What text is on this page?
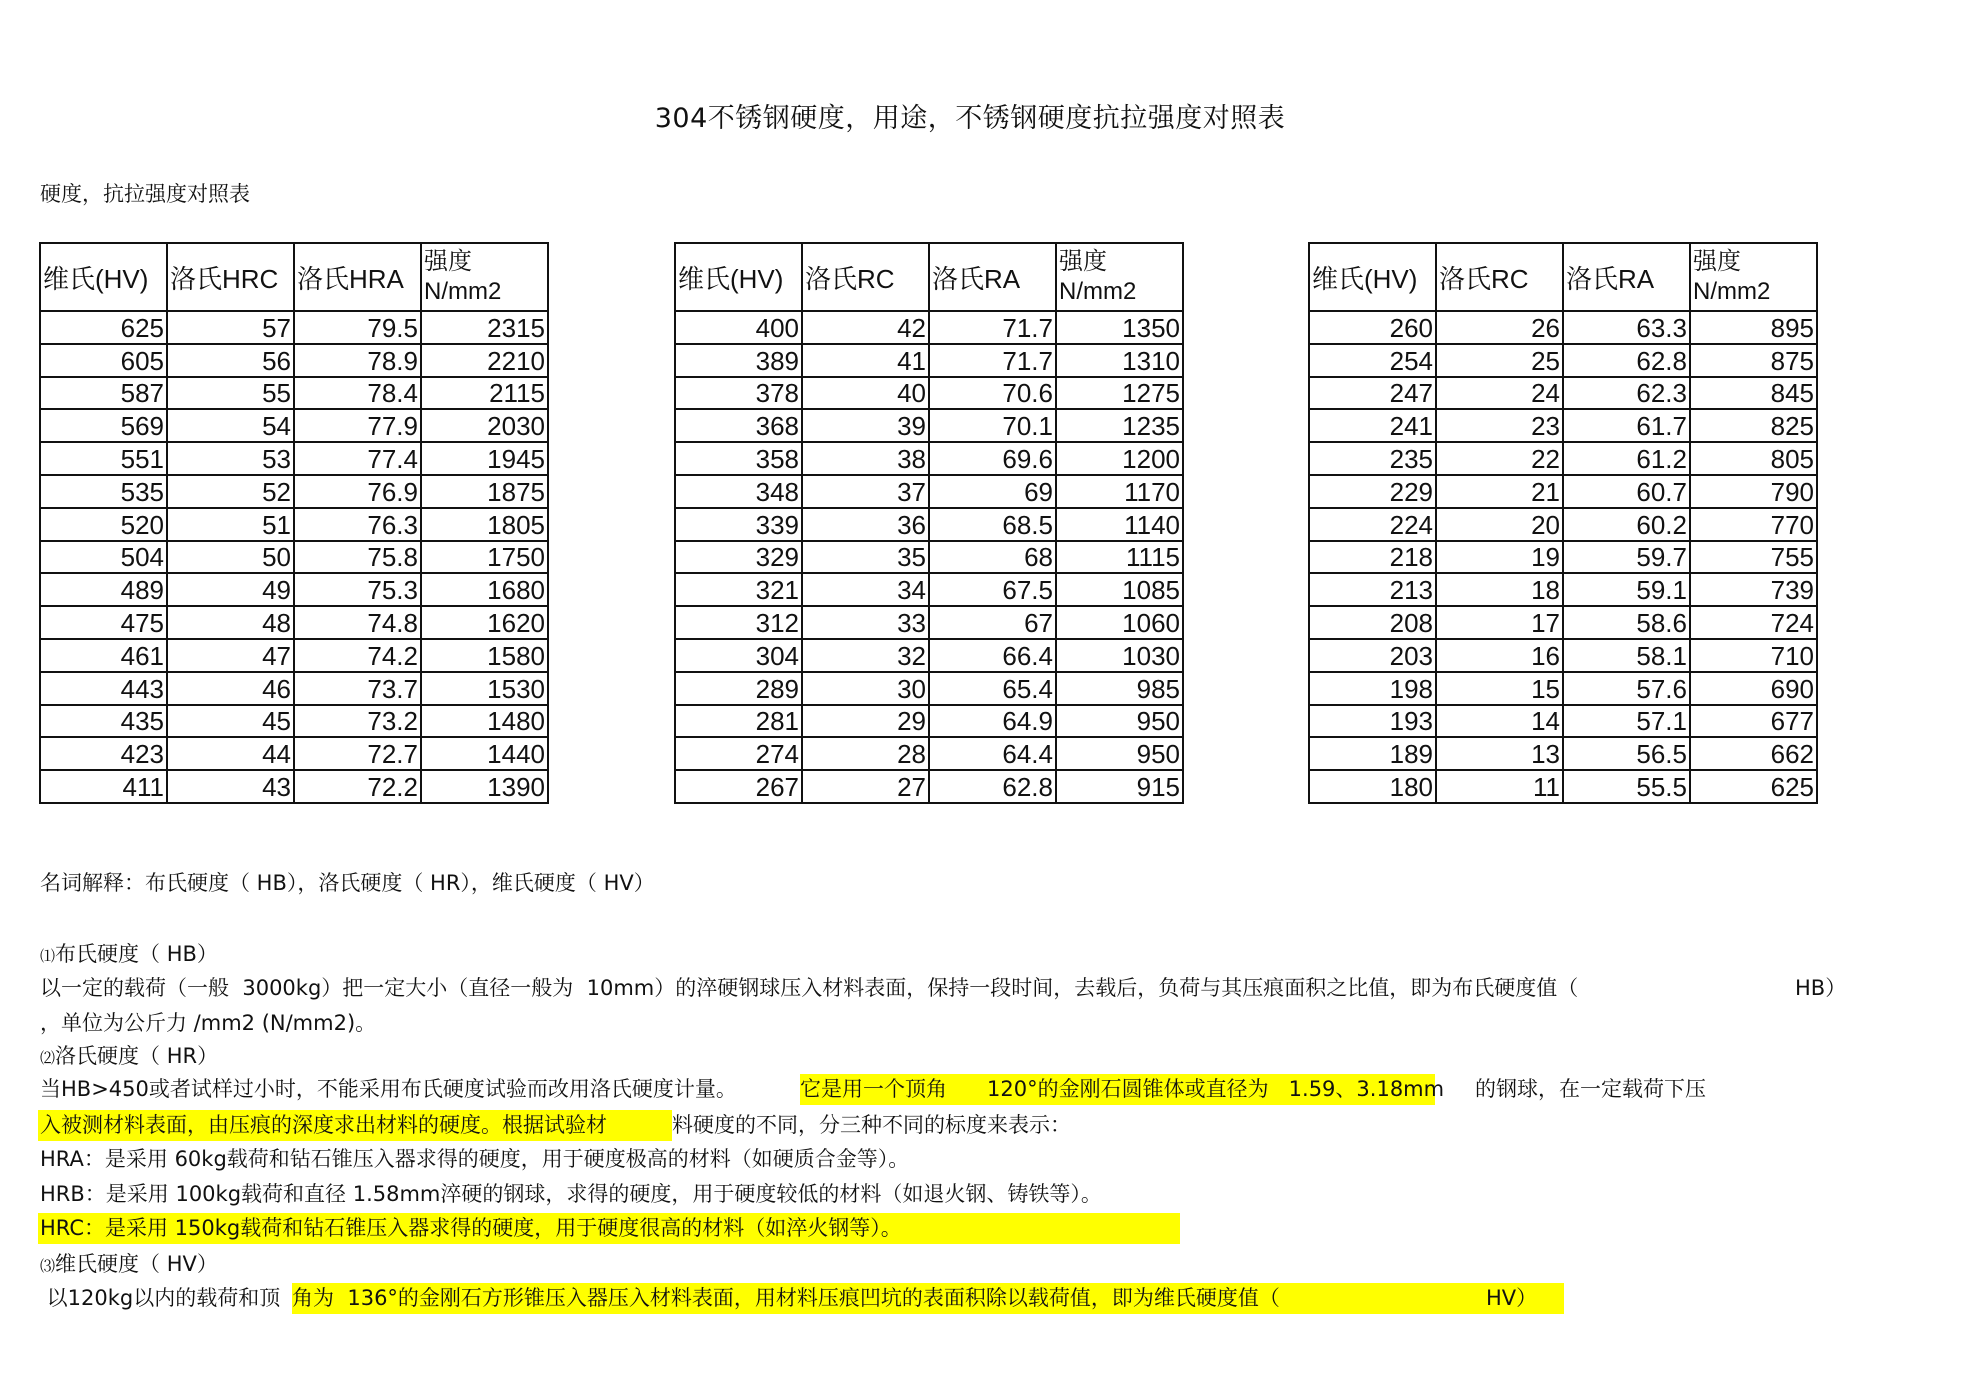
304不锈钢硬度，用途，不锈钢硬度抗拉强度对照表
硬度，抗拉强度对照表
维氏(HV)	洛氏HRC	洛氏HRA	强度 N/mm2	
625	57	79.5	2315	
605	56	78.9	2210	
587	55	78.4	2115	
569	54	77.9	2030	
551	53	77.4	1945	
535	52	76.9	1875	
520	51	76.3	1805	
504	50	75.8	1750	
489	49	75.3	1680	
475	48	74.8	1620	
461	47	74.2	1580	
443	46	73.7	1530	
435	45	73.2	1480	
423	44	72.7	1440	
411	43	72.2	1390	
维氏(HV)	洛氏RC	洛氏RA	强度 N/mm2	
400	42	71.7	1350	
389	41	71.7	1310	
378	40	70.6	1275	
368	39	70.1	1235	
358	38	69.6	1200	
348	37	69	1170	
339	36	68.5	1140	
329	35	68	1115	
321	34	67.5	1085	
312	33	67	1060	
304	32	66.4	1030	
289	30	65.4	985	
281	29	64.9	950	
274	28	64.4	950	
267	27	62.8	915	
维氏(HV)	洛氏RC	洛氏RA	强度 N/mm2	
260	26	63.3	895	
254	25	62.8	875	
247	24	62.3	845	
241	23	61.7	825	
235	22	61.2	805	
229	21	60.7	790	
224	20	60.2	770	
218	19	59.7	755	
213	18	59.1	739	
208	17	58.6	724	
203	16	58.1	710	
198	15	57.6	690	
193	14	57.1	677	
189	13	56.5	662	
180	11	55.5	625	
名词解释：布氏硬度（ HB），洛氏硬度（ HR），维氏硬度（ HV）
⑴布氏硬度（ HB）
以一定的载荷（一般  3000kg）把一定大小（直径一般为  10mm）的淬硬钢球压入材料表面，保持一段时间，去载后，负荷与其压痕面积之比值，即为布氏硬度值（	HB）
，单位为公斤力 /mm2 (N/mm2)。
⑵洛氏硬度（ HR）
当HB>450或者试样过小时，不能采用布氏硬度试验而改用洛氏硬度计量。	它是用一个顶角      120°的金刚石圆锥体或直径为   1.59、3.18mm 的钢球，在一定载荷下压
入被测材料表面，由压痕的深度求出材料的硬度。根据试验材	料硬度的不同，分三种不同的标度来表示：
HRA：是采用 60kg载荷和钻石锥压入器求得的硬度，用于硬度极高的材料（如硬质合金等）。
HRB：是采用 100kg载荷和直径 1.58mm淬硬的钢球，求得的硬度，用于硬度较低的材料（如退火钢、铸铁等）。
HRC：是采用 150kg载荷和钻石锥压入器求得的硬度，用于硬度很高的材料（如淬火钢等）。
⑶维氏硬度（ HV）
以120kg以内的载荷和顶 角为  136°的金刚石方形锥压入器压入材料表面，用材料压痕凹坑的表面积除以载荷值，即为维氏硬度值（	HV）
